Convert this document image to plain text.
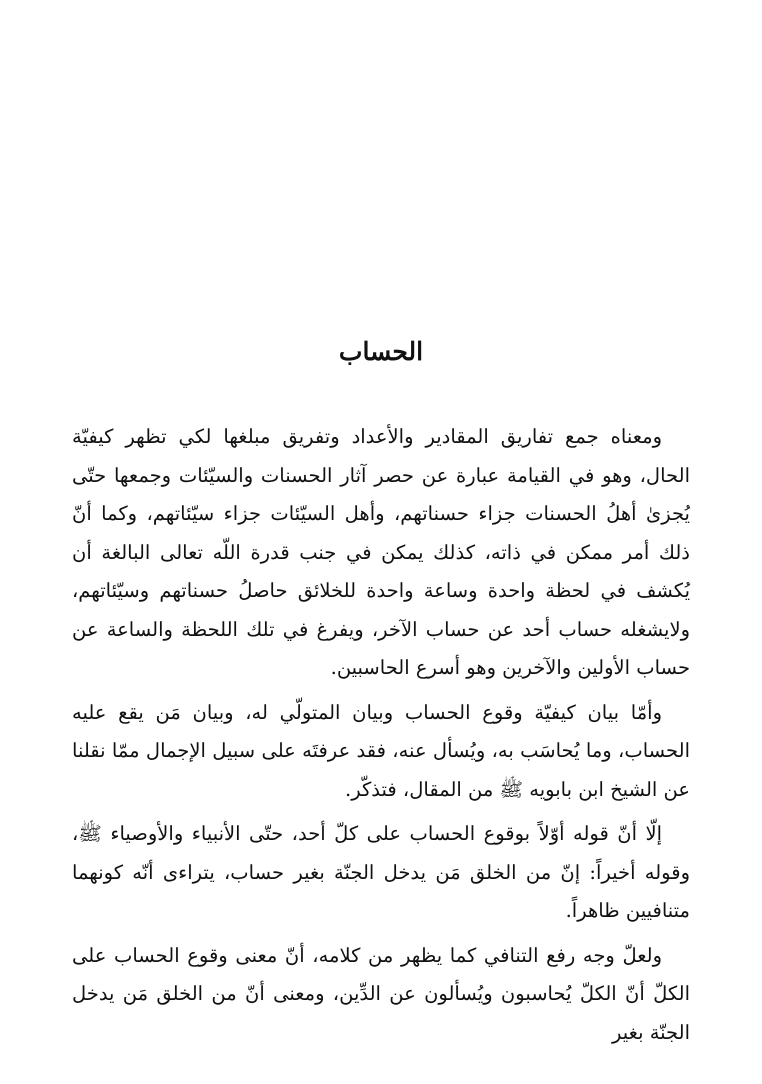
الحساب

ومعناه جمع تفاريق المقادير والأعداد وتفريق مبلغها لكي تظهر كيفيّة الحال، وهو في القيامة عبارة عن حصر آثار الحسنات والسيّئات وجمعها حتّى يُجزىٰ أهلُ الحسنات جزاء حسناتهم، وأهل السيّئات جزاء سيّئاتهم، وكما أنّ ذلك أمر ممكن في ذاته، كذلك يمكن في جنب قدرة اللّه تعالى البالغة أن يُكشف في لحظة واحدة وساعة واحدة للخلائق حاصلُ حسناتهم وسيّئاتهم، ولايشغله حساب أحد عن حساب الآخر، ويفرغ في تلك اللحظة والساعة عن حساب الأولين والآخرين وهو أسرع الحاسبين.

وأمّا بيان كيفيّة وقوع الحساب وبيان المتولّي له، وبيان مَن يقع عليه الحساب، وما يُحاسَب به، ويُسأل عنه، فقد عرفتَه على سبيل الإجمال ممّا نقلنا عن الشيخ ابن بابويه ﷺ من المقال، فتذكّر.

إلّا أنّ قوله أوّلاً بوقوع الحساب على كلّ أحد، حتّى الأنبياء والأوصياء ﷺ، وقوله أخيراً: إنّ من الخلق مَن يدخل الجنّة بغير حساب، يتراءى أنّه كونهما متنافيين ظاهراً.

ولعلّ وجه رفع التنافي كما يظهر من كلامه، أنّ معنى وقوع الحساب على الكلّ أنّ الكلّ يُحاسبون ويُسألون عن الدِّين، ومعنى أنّ من الخلق مَن يدخل الجنّة بغير
